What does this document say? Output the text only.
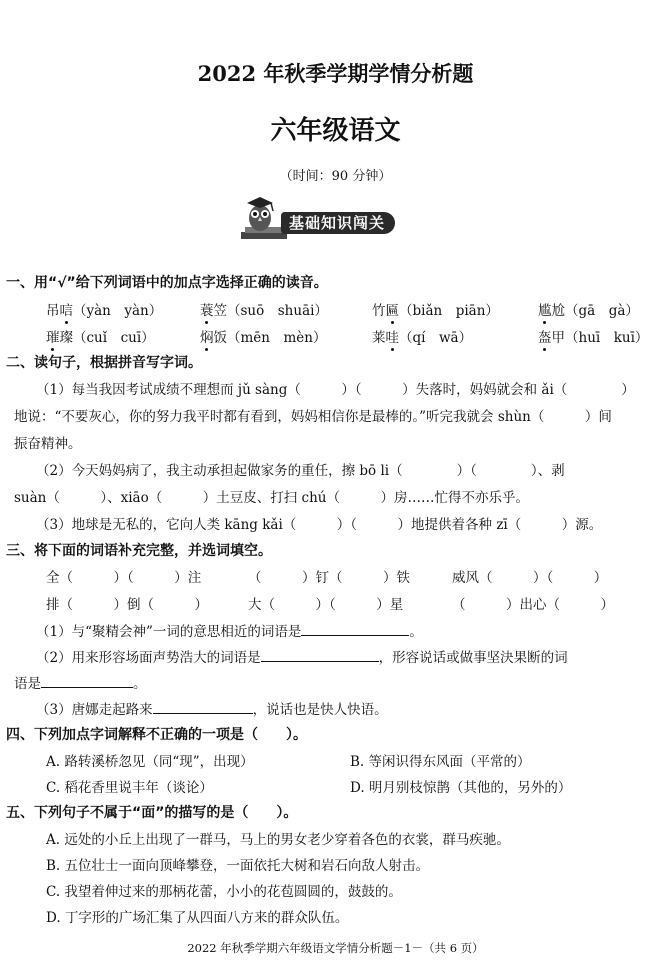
2022 年秋季学期学情分析题
六年级语文
（时间：90 分钟）
基础知识闯关
一、用“√”给下列词语中的加点字选择正确的读音。
吊唁（yàn　yàn）	蓑笠（suō　shuāi）	竹匾（biǎn　piān）	尴尬（gā　gà）
璀璨（cuǐ　cuī）	焖饭（mēn　mèn）	莱哇（qí　wā）	盔甲（huī　kuī）
二、读句子，根据拼音写字词。
（1）每当我因考试成绩不理想而 jǔ sàng（　　　）（　　　）失落时，妈妈就会和 ǎi（　　　　）
地说：“不要灰心，你的努力我平时都有看到，妈妈相信你是最棒的。”听完我就会 shùn（　　　）间
振奋精神。
（2）今天妈妈病了，我主动承担起做家务的重任，擦 bō li（　　　　）（　　　　）、剥
suàn（　　　）、xiāo（　　　）土豆皮、打扫 chú（　　　）房……忙得不亦乐乎。
（3）地球是无私的，它向人类 kāng kǎi（　　　）（　　　）地提供着各种 zī（　　　）源。
三、将下面的词语补充完整，并选词填空。
全（　　　）（　　　）注	（　　　）钉（　　　）铁	威风（　　　）（　　　）
排（　　　）倒（　　　）	大（　　　）（　　　）星	（　　　）出心（　　　）
（1）与“聚精会神”一词的意思相近的词语是	。
（2）用来形容场面声势浩大的词语是	，形容说话或做事坚決果断的词
语是	。
（3）唐娜走起路来	，说话也是快人快语。
四、下列加点字词解释不正确的一项是（　　）。
A. 路转溪桥忽见（同“现”，出现）	B. 等闲识得东风面（平常的）
C. 稻花香里说丰年（谈论）	D. 明月别枝惊鹊（其他的，另外的）
五、下列句子不属于“面”的描写的是（　　）。
A. 远处的小丘上出现了一群马，马上的男女老少穿着各色的衣裳，群马疾驰。
B. 五位壮士一面向顶峰攀登，一面依托大树和岩石向敌人射击。
C. 我望着伸过来的那柄花蕾，小小的花苞圆圆的，鼓鼓的。
D. 丁字形的广场汇集了从四面八方来的群众队伍。
2022 年秋季学期六年级语文学情分析题－1－（共 6 页）
